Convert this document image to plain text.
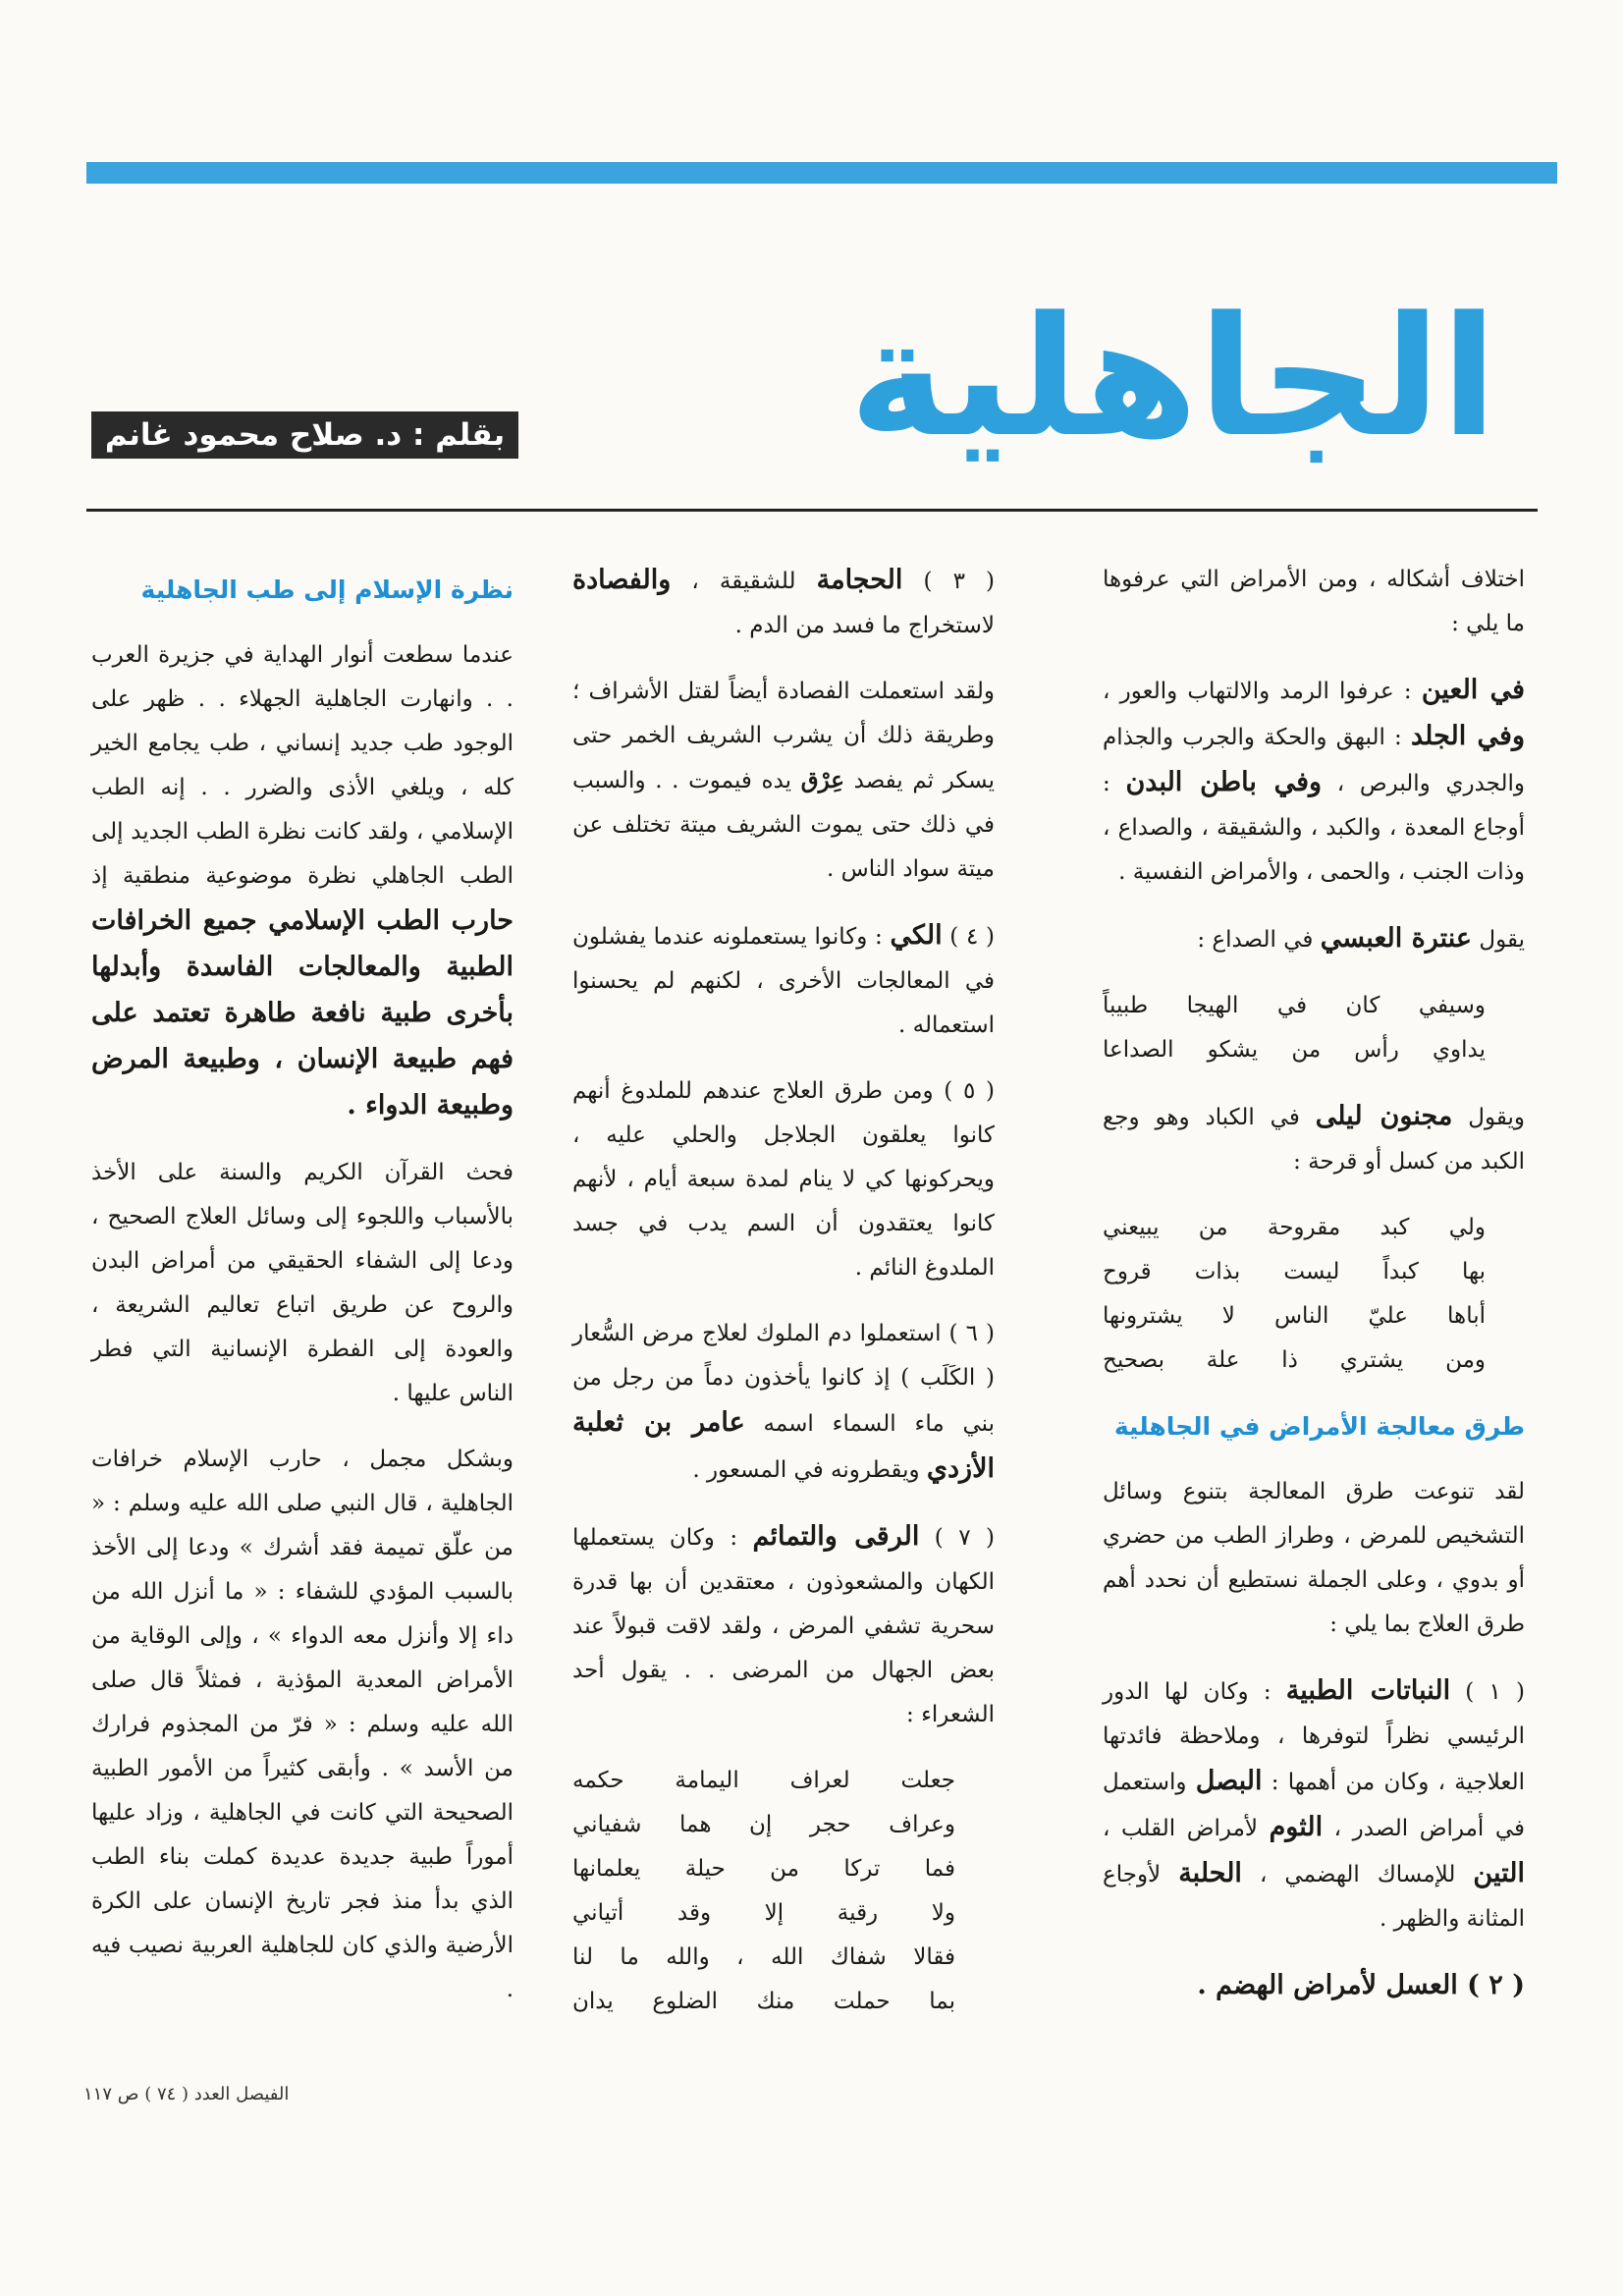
الجاهلية
بقلم : د. صلاح محمود غانم

اختلاف أشكاله ، ومن الأمراض التي عرفوها ما يلي :

في العين : عرفوا الرمد والالتهاب والعور ، وفي الجلد : البهق والحكة والجرب والجذام والجدري والبرص ، وفي باطن البدن : أوجاع المعدة ، والكبد ، والشقيقة ، والصداع ، وذات الجنب ، والحمى ، والأمراض النفسية .

يقول عنترة العبسي في الصداع :

وسيفي كان في الهيجا طبيباً
يداوي رأس من يشكو الصداعا

ويقول مجنون ليلى في الكباد وهو وجع الكبد من كسل أو قرحة :

ولي كبد مقروحة من يبيعني
بها كبداً ليست بذات قروح
أباها عليّ الناس لا يشترونها
ومن يشتري ذا علة بصحيح
طرق معالجة الأمراض في الجاهلية

لقد تنوعت طرق المعالجة بتنوع وسائل التشخيص للمرض ، وطراز الطب من حضري أو بدوي ، وعلى الجملة نستطيع أن نحدد أهم طرق العلاج بما يلي :

( ١ ) النباتات الطبية : وكان لها الدور الرئيسي نظراً لتوفرها ، وملاحظة فائدتها العلاجية ، وكان من أهمها : البصل واستعمل في أمراض الصدر ، الثوم لأمراض القلب ، التين للإمساك الهضمي ، الحلبة لأوجاع المثانة والظهر .

( ٢ ) العسل لأمراض الهضم .

( ٣ ) الحجامة للشقيقة ، والفصادة لاستخراج ما فسد من الدم .

ولقد استعملت الفصادة أيضاً لقتل الأشراف ؛ وطريقة ذلك أن يشرب الشريف الخمر حتى يسكر ثم يفصد عِرْق يده فيموت . . والسبب في ذلك حتى يموت الشريف ميتة تختلف عن ميتة سواد الناس .

( ٤ ) الكي : وكانوا يستعملونه عندما يفشلون في المعالجات الأخرى ، لكنهم لم يحسنوا استعماله .

( ٥ ) ومن طرق العلاج عندهم للملدوغ أنهم كانوا يعلقون الجلاجل والحلي عليه ، ويحركونها كي لا ينام لمدة سبعة أيام ، لأنهم كانوا يعتقدون أن السم يدب في جسد الملدوغ النائم .

( ٦ ) استعملوا دم الملوك لعلاج مرض السُّعار ( الكَلَب ) إذ كانوا يأخذون دماً من رجل من بني ماء السماء اسمه عامر بن ثعلبة الأزدي ويقطرونه في المسعور .

( ٧ ) الرقى والتمائم : وكان يستعملها الكهان والمشعوذون ، معتقدين أن بها قدرة سحرية تشفي المرض ، ولقد لاقت قبولاً عند بعض الجهال من المرضى . . يقول أحد الشعراء :

جعلت لعراف اليمامة حكمه
وعراف حجر إن هما شفياني
فما تركا من حيلة يعلمانها
ولا رقية إلا وقد أتياني
فقالا شفاك الله ، والله ما لنا
بما حملت منك الضلوع يدان
نظرة الإسلام إلى طب الجاهلية

عندما سطعت أنوار الهداية في جزيرة العرب . . وانهارت الجاهلية الجهلاء . . ظهر على الوجود طب جديد إنساني ، طب يجامع الخير كله ، ويلغي الأذى والضرر . . إنه الطب الإسلامي ، ولقد كانت نظرة الطب الجديد إلى الطب الجاهلي نظرة موضوعية منطقية إذ حارب الطب الإسلامي جميع الخرافات الطبية والمعالجات الفاسدة وأبدلها بأخرى طبية نافعة طاهرة تعتمد على فهم طبيعة الإنسان ، وطبيعة المرض وطبيعة الدواء .

فحث القرآن الكريم والسنة على الأخذ بالأسباب واللجوء إلى وسائل العلاج الصحيح ، ودعا إلى الشفاء الحقيقي من أمراض البدن والروح عن طريق اتباع تعاليم الشريعة ، والعودة إلى الفطرة الإنسانية التي فطر الناس عليها .

وبشكل مجمل ، حارب الإسلام خرافات الجاهلية ، قال النبي صلى الله عليه وسلم : « من علّق تميمة فقد أشرك » ودعا إلى الأخذ بالسبب المؤدي للشفاء : « ما أنزل الله من داء إلا وأنزل معه الدواء » ، وإلى الوقاية من الأمراض المعدية المؤذية ، فمثلاً قال صلى الله عليه وسلم : « فرّ من المجذوم فرارك من الأسد » . وأبقى كثيراً من الأمور الطبية الصحيحة التي كانت في الجاهلية ، وزاد عليها أموراً طبية جديدة عديدة كملت بناء الطب الذي بدأ منذ فجر تاريخ الإنسان على الكرة الأرضية والذي كان للجاهلية العربية نصيب فيه .

الفيصل العدد ( ٧٤ ) ص ١١٧
